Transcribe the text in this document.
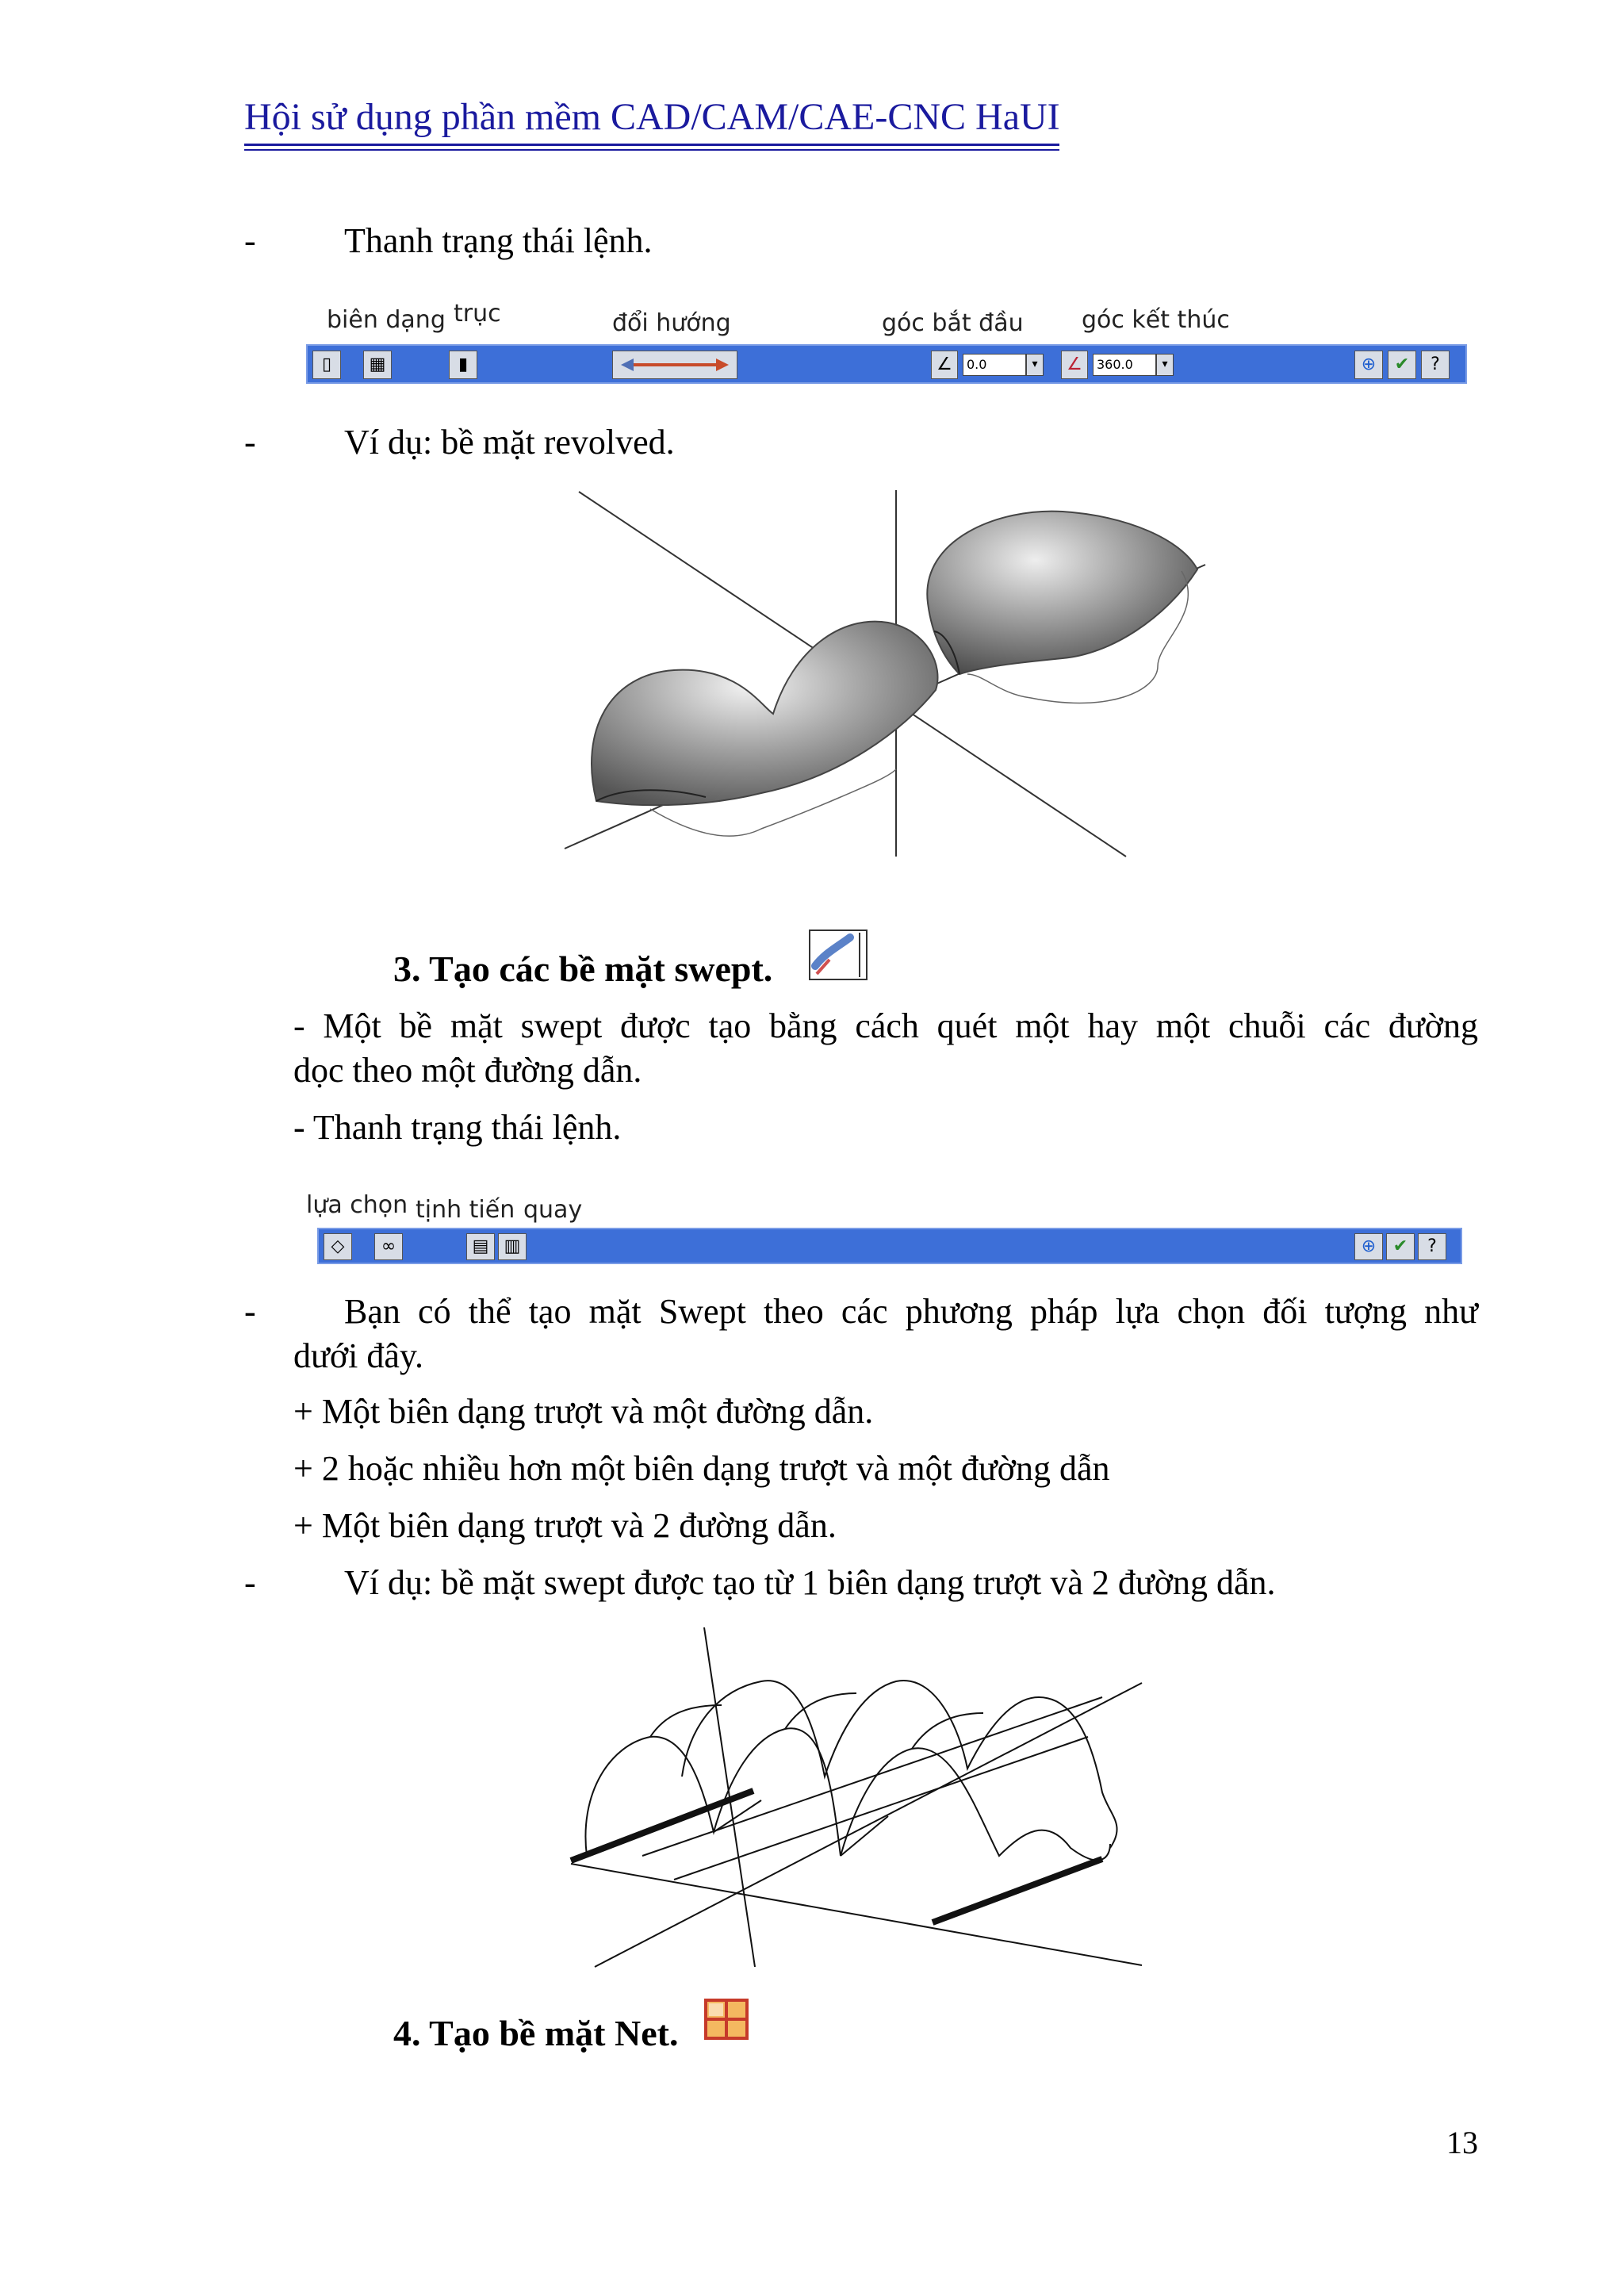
Hội sử dụng phần mềm CAD/CAM/CAE-CNC HaUI
-	Thanh trạng thái lệnh.
biên dạng trục	đổi hướng	góc bắt đầu góc kết thúc
▯	▦	▮	∠	0.0	▾	∠	360.0	▾	⊕	✔	?
-	Ví dụ: bề mặt revolved.
3. Tạo các bề mặt swept.
- Một bề mặt swept được tạo bằng cách quét một hay một chuỗi các đường
dọc theo một đường dẫn.
- Thanh trạng thái lệnh.
lựa chọn tịnh tiến quay
◇	∞	▤ ▥	⊕ ✔	?
-	Bạn có thể tạo mặt Swept theo các phương pháp lựa chọn đối tượng như
dưới đây.
+ Một biên dạng trượt và một đường dẫn.
+ 2 hoặc nhiều hơn một biên dạng trượt và một đường dẫn
+ Một biên dạng trượt và 2 đường dẫn.
-	Ví dụ: bề mặt swept được tạo từ 1 biên dạng trượt và 2 đường dẫn.
4. Tạo bề mặt Net.
13
